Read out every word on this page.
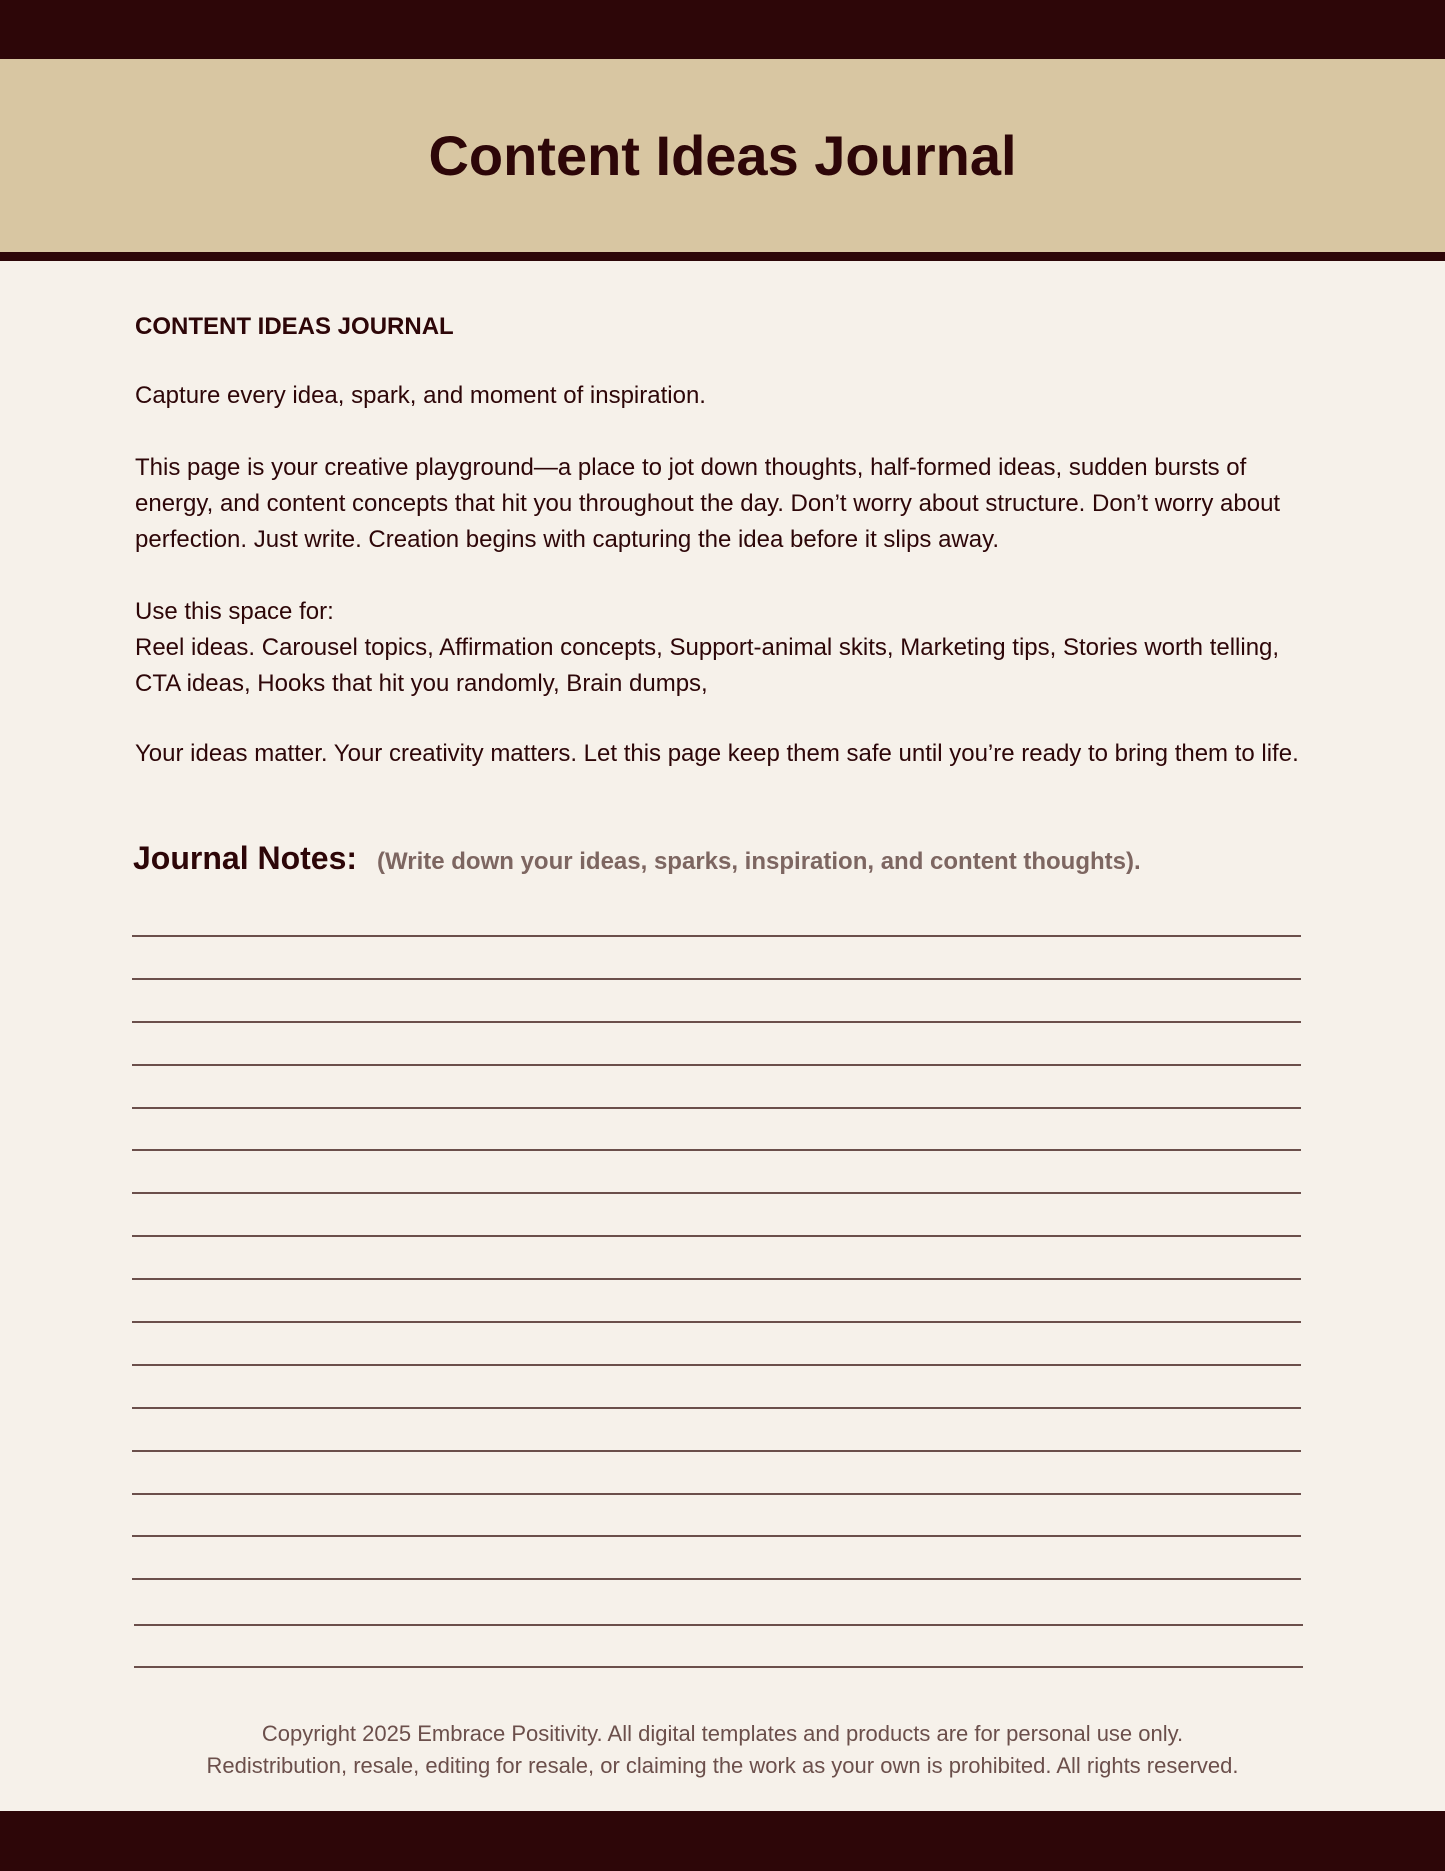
Content Ideas Journal
CONTENT IDEAS JOURNAL

Capture every idea, spark, and moment of inspiration.

This page is your creative playground—a place to jot down thoughts, half-formed ideas, sudden bursts of energy, and content concepts that hit you throughout the day. Don’t worry about structure. Don’t worry about perfection. Just write. Creation begins with capturing the idea before it slips away.

Use this space for:

Reel ideas. Carousel topics, Affirmation concepts, Support-animal skits, Marketing tips, Stories worth telling, CTA ideas, Hooks that hit you randomly, Brain dumps,

Your ideas matter. Your creativity matters. Let this page keep them safe until you’re ready to bring them to life.

Journal Notes: (Write down your ideas, sparks, inspiration, and content thoughts).

Copyright 2025 Embrace Positivity. All digital templates and products are for personal use only.

Redistribution, resale, editing for resale, or claiming the work as your own is prohibited. All rights reserved.
